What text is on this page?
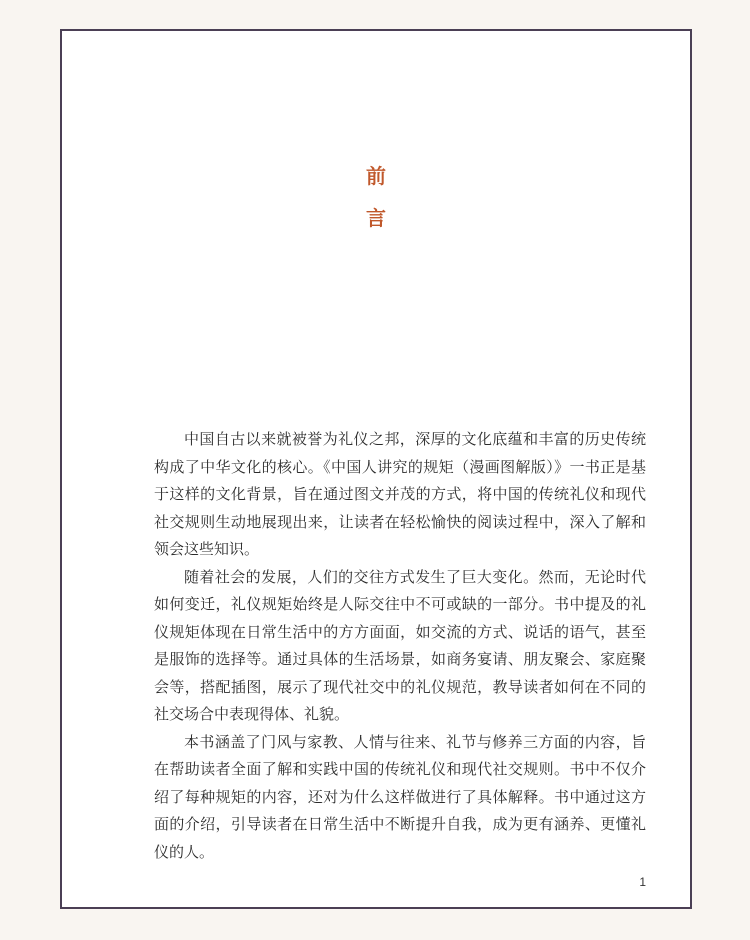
前
言

中国自古以来就被誉为礼仪之邦，深厚的文化底蕴和丰富的历史传统构成了中华文化的核心。《中国人讲究的规矩（漫画图解版）》一书正是基于这样的文化背景，旨在通过图文并茂的方式，将中国的传统礼仪和现代社交规则生动地展现出来，让读者在轻松愉快的阅读过程中，深入了解和领会这些知识。

随着社会的发展，人们的交往方式发生了巨大变化。然而，无论时代如何变迁，礼仪规矩始终是人际交往中不可或缺的一部分。书中提及的礼仪规矩体现在日常生活中的方方面面，如交流的方式、说话的语气，甚至是服饰的选择等。通过具体的生活场景，如商务宴请、朋友聚会、家庭聚会等，搭配插图，展示了现代社交中的礼仪规范，教导读者如何在不同的社交场合中表现得体、礼貌。

本书涵盖了门风与家教、人情与往来、礼节与修养三方面的内容，旨在帮助读者全面了解和实践中国的传统礼仪和现代社交规则。书中不仅介绍了每种规矩的内容，还对为什么这样做进行了具体解释。书中通过这方面的介绍，引导读者在日常生活中不断提升自我，成为更有涵养、更懂礼仪的人。

1
